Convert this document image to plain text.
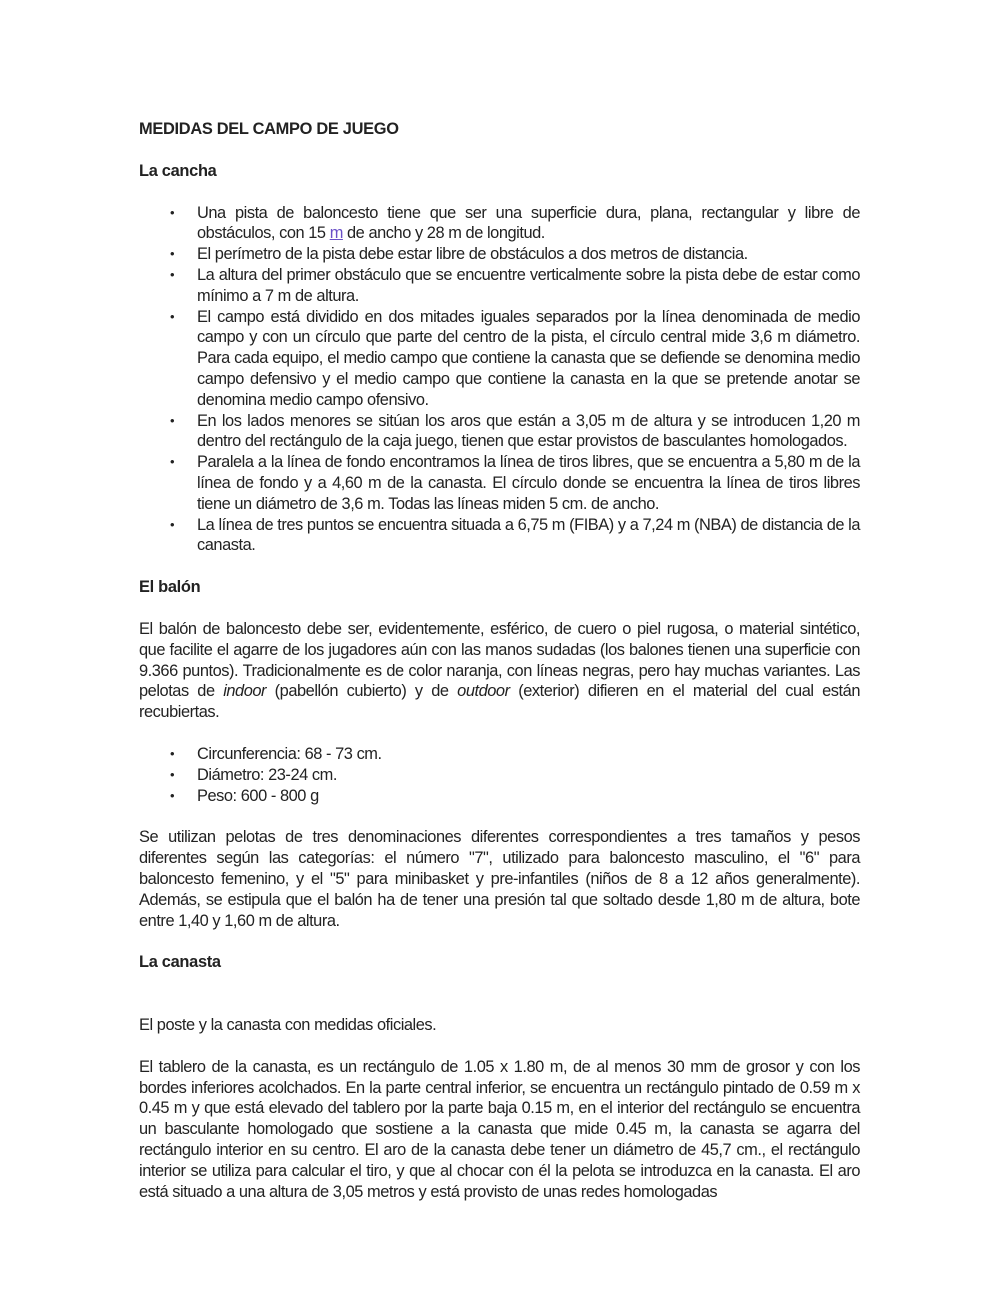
MEDIDAS DEL CAMPO DE JUEGO
La cancha
• Una pista de baloncesto tiene que ser una superficie dura, plana, rectangular y libre de obstáculos, con 15 m de ancho y 28 m de longitud.
• El perímetro de la pista debe estar libre de obstáculos a dos metros de distancia.
• La altura del primer obstáculo que se encuentre verticalmente sobre la pista debe de estar como mínimo a 7 m de altura.
• El campo está dividido en dos mitades iguales separados por la línea denominada de medio campo y con un círculo que parte del centro de la pista, el círculo central mide 3,6 m diámetro. Para cada equipo, el medio campo que contiene la canasta que se defiende se denomina medio campo defensivo y el medio campo que contiene la canasta en la que se pretende anotar se denomina medio campo ofensivo.
• En los lados menores se sitúan los aros que están a 3,05 m de altura y se introducen 1,20 m dentro del rectángulo de la caja juego, tienen que estar provistos de basculantes homologados.
• Paralela a la línea de fondo encontramos la línea de tiros libres, que se encuentra a 5,80 m de la línea de fondo y a 4,60 m de la canasta. El círculo donde se encuentra la línea de tiros libres tiene un diámetro de 3,6 m. Todas las líneas miden 5 cm. de ancho.
• La línea de tres puntos se encuentra situada a 6,75 m (FIBA) y a 7,24 m (NBA) de distancia de la canasta.
El balón

El balón de baloncesto debe ser, evidentemente, esférico, de cuero o piel rugosa, o material sintético, que facilite el agarre de los jugadores aún con las manos sudadas (los balones tienen una superficie con 9.366 puntos). Tradicionalmente es de color naranja, con líneas negras, pero hay muchas variantes. Las pelotas de indoor (pabellón cubierto) y de outdoor (exterior) difieren en el material del cual están recubiertas.

• Circunferencia: 68 - 73 cm.
• Diámetro: 23-24 cm.
• Peso: 600 - 800 g

Se utilizan pelotas de tres denominaciones diferentes correspondientes a tres tamaños y pesos diferentes según las categorías: el número "7", utilizado para baloncesto masculino, el "6" para baloncesto femenino, y el "5" para minibasket y pre-infantiles (niños de 8 a 12 años generalmente). Además, se estipula que el balón ha de tener una presión tal que soltado desde 1,80 m de altura, bote entre 1,40 y 1,60 m de altura.

La canasta

El poste y la canasta con medidas oficiales.

El tablero de la canasta, es un rectángulo de 1.05 x 1.80 m, de al menos 30 mm de grosor y con los bordes inferiores acolchados. En la parte central inferior, se encuentra un rectángulo pintado de 0.59 m x 0.45 m y que está elevado del tablero por la parte baja 0.15 m, en el interior del rectángulo se encuentra un basculante homologado que sostiene a la canasta que mide 0.45 m, la canasta se agarra del rectángulo interior en su centro. El aro de la canasta debe tener un diámetro de 45,7 cm., el rectángulo interior se utiliza para calcular el tiro, y que al chocar con él la pelota se introduzca en la canasta. El aro está situado a una altura de 3,05 metros y está provisto de unas redes homologadas
